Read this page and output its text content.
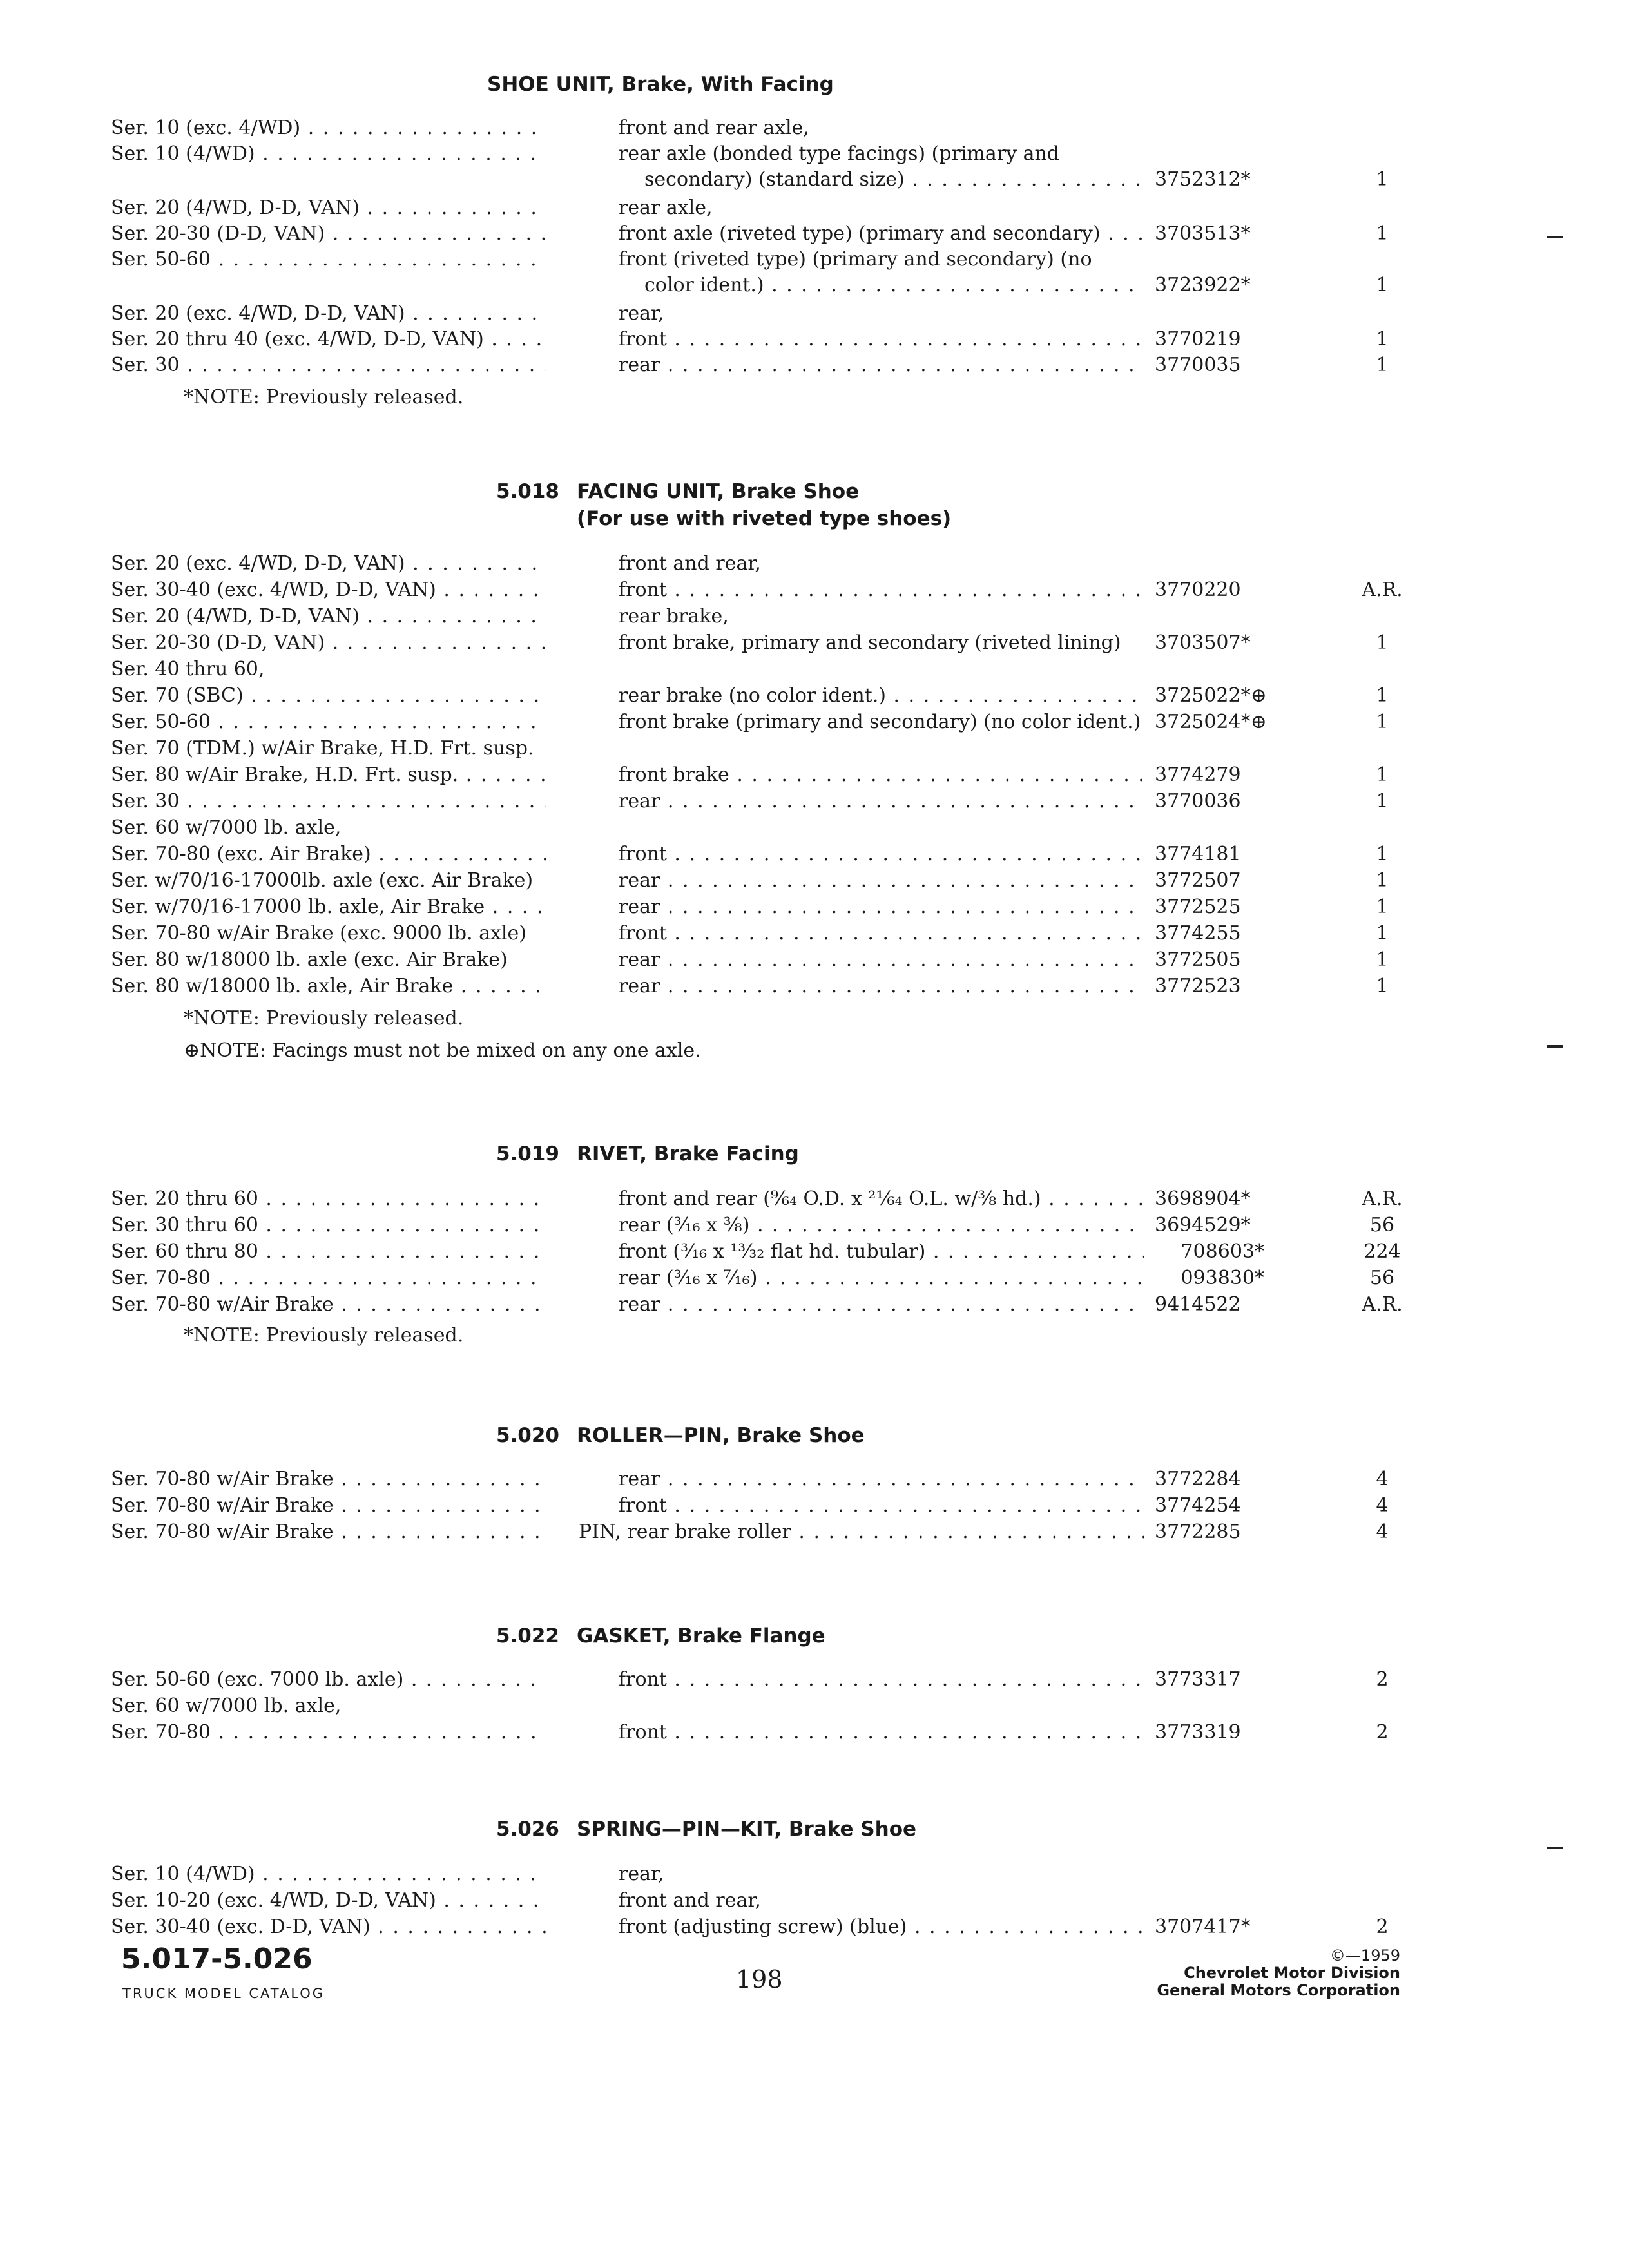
SHOE UNIT, Brake, With Facing
Ser. 10 (exc. 4/WD) . . .	front and rear axle,
Ser. 10 (4/WD) . . .	rear axle (bonded type facings) (primary and
secondary) (standard size) . . .	3752312*	1
Ser. 20 (4/WD, D-D, VAN) . . .	rear axle,
Ser. 20-30 (D-D, VAN) . . .	front axle (riveted type) (primary and secondary) . . .	3703513*	1
Ser. 50-60 . . .	front (riveted type) (primary and secondary) (no
color ident.) . . .	3723922*	1
Ser. 20 (exc. 4/WD, D-D, VAN) . . .	rear,
Ser. 20 thru 40 (exc. 4/WD, D-D, VAN) . . .	front . . .	3770219	1
Ser. 30 . . .	rear . . .	3770035	1
*NOTE: Previously released.
5.018 FACING UNIT, Brake Shoe
(For use with riveted type shoes)
Ser. 20 (exc. 4/WD, D-D, VAN) . . .	front and rear,
Ser. 30-40 (exc. 4/WD, D-D, VAN) . . .	front . . .	3770220	A.R.
Ser. 20 (4/WD, D-D, VAN) . . .	rear brake,
Ser. 20-30 (D-D, VAN) . . .	front brake, primary and secondary (riveted lining)	3703507*	1
Ser. 40 thru 60,
Ser. 70 (SBC) . . .	rear brake (no color ident.) . . .	3725022*⊕	1
Ser. 50-60 . . .	front brake (primary and secondary) (no color ident.) 3725024*⊕	1
Ser. 70 (TDM.) w/Air Brake, H.D. Frt. susp.
Ser. 80 w/Air Brake, H.D. Frt. susp. . . .	front brake . . .	3774279	1
Ser. 30 . . .	rear . . .	3770036	1
Ser. 60 w/7000 lb. axle,
Ser. 70-80 (exc. Air Brake) . . .	front . . .	3774181	1
Ser. w/70/16-17000lb. axle (exc. Air Brake)	rear . . .	3772507	1
Ser. w/70/16-17000 lb. axle, Air Brake . . .	rear . . .	3772525	1
Ser. 70-80 w/Air Brake (exc. 9000 lb. axle)	front . . .	3774255	1
Ser. 80 w/18000 lb. axle (exc. Air Brake)	rear . . .	3772505	1
Ser. 80 w/18000 lb. axle, Air Brake . . .	rear . . .	3772523	1
*NOTE: Previously released.
⊕NOTE: Facings must not be mixed on any one axle.
5.019 RIVET, Brake Facing
Ser. 20 thru 60 . . .	front and rear (⁹⁄₆₄ O.D. x ²¹⁄₆₄ O.L. w/³⁄₈ hd.) . . .	3698904*	A.R.
Ser. 30 thru 60 . . .	rear (³⁄₁₆ x ³⁄₈) . . .	3694529*	56
Ser. 60 thru 80 . . .	front (³⁄₁₆ x ¹³⁄₃₂ flat hd. tubular) . . .	708603*	224
Ser. 70-80 . . .	rear (³⁄₁₆ x ⁷⁄₁₆) . . .	093830*	56
Ser. 70-80 w/Air Brake . . .	rear . . .	9414522	A.R.
*NOTE: Previously released.
5.020 ROLLER—PIN, Brake Shoe
Ser. 70-80 w/Air Brake . . .	rear . . .	3772284	4
Ser. 70-80 w/Air Brake . . .	front . . .	3774254	4
Ser. 70-80 w/Air Brake . . .	PIN, rear brake roller . . .	3772285	4
5.022 GASKET, Brake Flange
Ser. 50-60 (exc. 7000 lb. axle) . . .	front . . .	3773317	2
Ser. 60 w/7000 lb. axle,
Ser. 70-80 . . .	front . . .	3773319	2
5.026 SPRING—PIN—KIT, Brake Shoe
Ser. 10 (4/WD) . . .	rear,
Ser. 10-20 (exc. 4/WD, D-D, VAN) . . .	front and rear,
Ser. 30-40 (exc. D-D, VAN) . . .	front (adjusting screw) (blue) . . .	3707417*	2
5.017-5.026
TRUCK MODEL CATALOG	198
©—1959
Chevrolet Motor Division
General Motors Corporation
